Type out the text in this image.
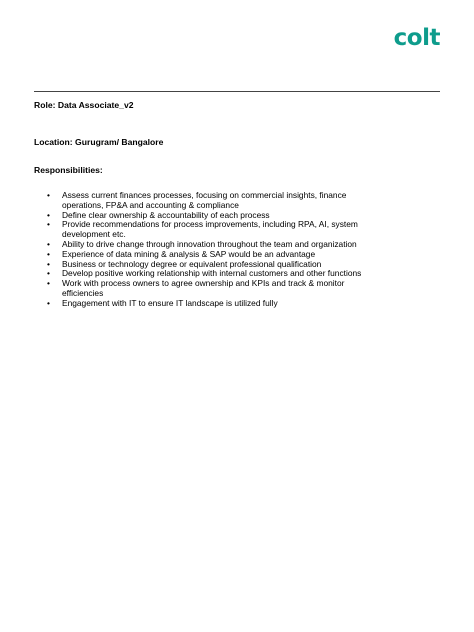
colt
Role: Data Associate_v2
Location: Gurugram/ Bangalore
Responsibilities:
• Assess current finances processes, focusing on commercial insights, finance operations, FP&A and accounting & compliance
• Define clear ownership & accountability of each process
• Provide recommendations for process improvements, including RPA, AI, system development etc.
• Ability to drive change through innovation throughout the team and organization
• Experience of data mining & analysis & SAP would be an advantage
• Business or technology degree or equivalent professional qualification
• Develop positive working relationship with internal customers and other functions
• Work with process owners to agree ownership and KPIs and track & monitor efficiencies
• Engagement with IT to ensure IT landscape is utilized fully
